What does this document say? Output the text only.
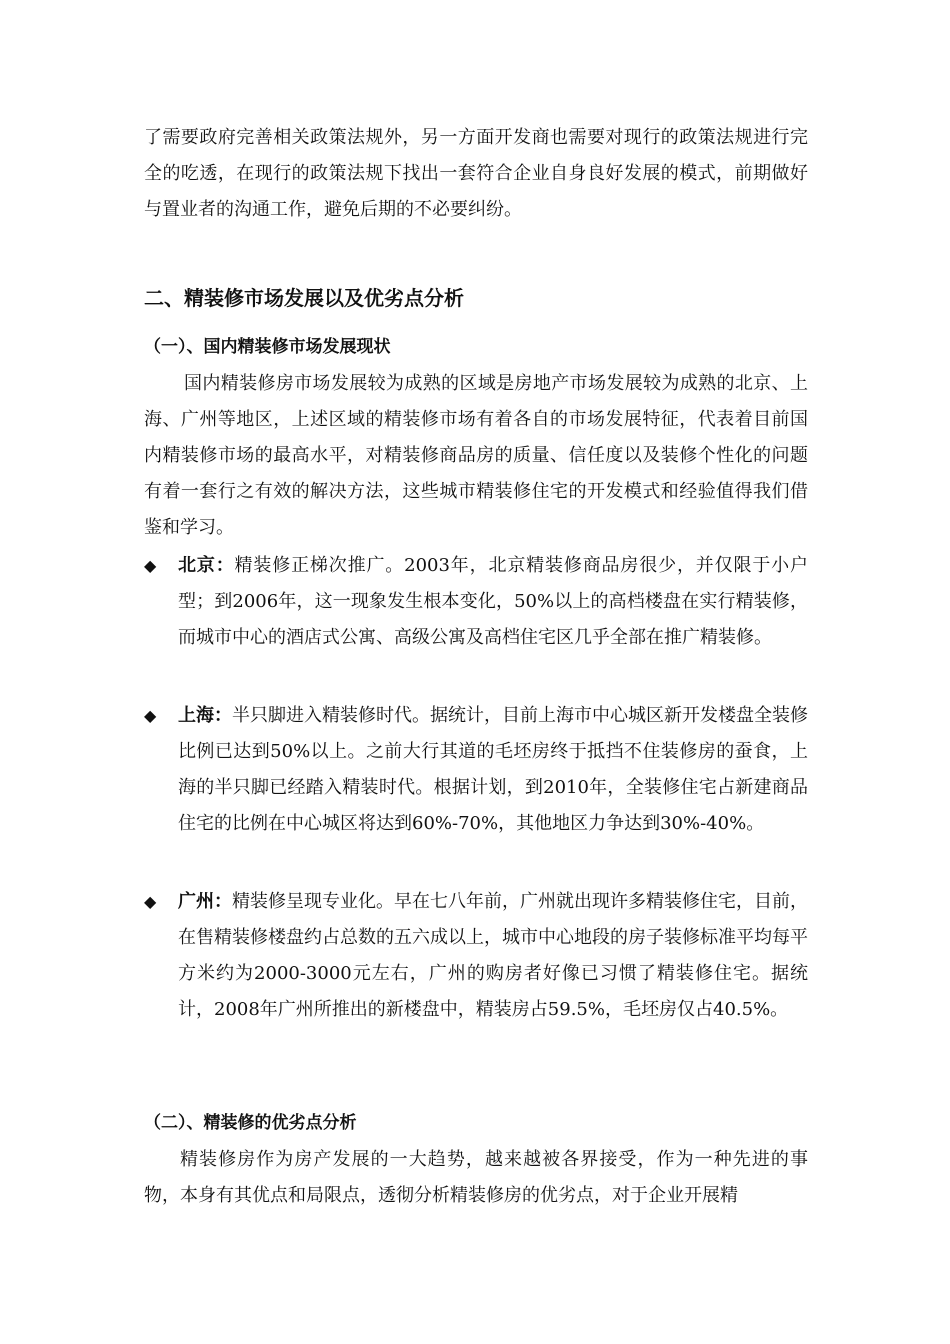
了需要政府完善相关政策法规外，另一方面开发商也需要对现行的政策法规进行完全的吃透，在现行的政策法规下找出一套符合企业自身良好发展的模式，前期做好与置业者的沟通工作，避免后期的不必要纠纷。

二、精装修市场发展以及优劣点分析
（一）、国内精装修市场发展现状

国内精装修房市场发展较为成熟的区域是房地产市场发展较为成熟的北京、上海、广州等地区，上述区域的精装修市场有着各自的市场发展特征，代表着目前国内精装修市场的最高水平，对精装修商品房的质量、信任度以及装修个性化的问题有着一套行之有效的解决方法，这些城市精装修住宅的开发模式和经验值得我们借鉴和学习。

◆ 北京：精装修正梯次推广。2003年，北京精装修商品房很少，并仅限于小户型；到2006年，这一现象发生根本变化，50%以上的高档楼盘在实行精装修，而城市中心的酒店式公寓、高级公寓及高档住宅区几乎全部在推广精装修。

◆ 上海：半只脚进入精装修时代。据统计，目前上海市中心城区新开发楼盘全装修比例已达到50%以上。之前大行其道的毛坯房终于抵挡不住装修房的蚕食，上海的半只脚已经踏入精装时代。根据计划，到2010年，全装修住宅占新建商品住宅的比例在中心城区将达到60%-70%，其他地区力争达到30%-40%。

◆ 广州：精装修呈现专业化。早在七八年前，广州就出现许多精装修住宅，目前，在售精装修楼盘约占总数的五六成以上，城市中心地段的房子装修标准平均每平方米约为2000-3000元左右，广州的购房者好像已习惯了精装修住宅。据统计，2008年广州所推出的新楼盘中，精装房占59.5%，毛坯房仅占40.5%。

（二）、精装修的优劣点分析

精装修房作为房产发展的一大趋势，越来越被各界接受，作为一种先进的事物，本身有其优点和局限点，透彻分析精装修房的优劣点，对于企业开展精
